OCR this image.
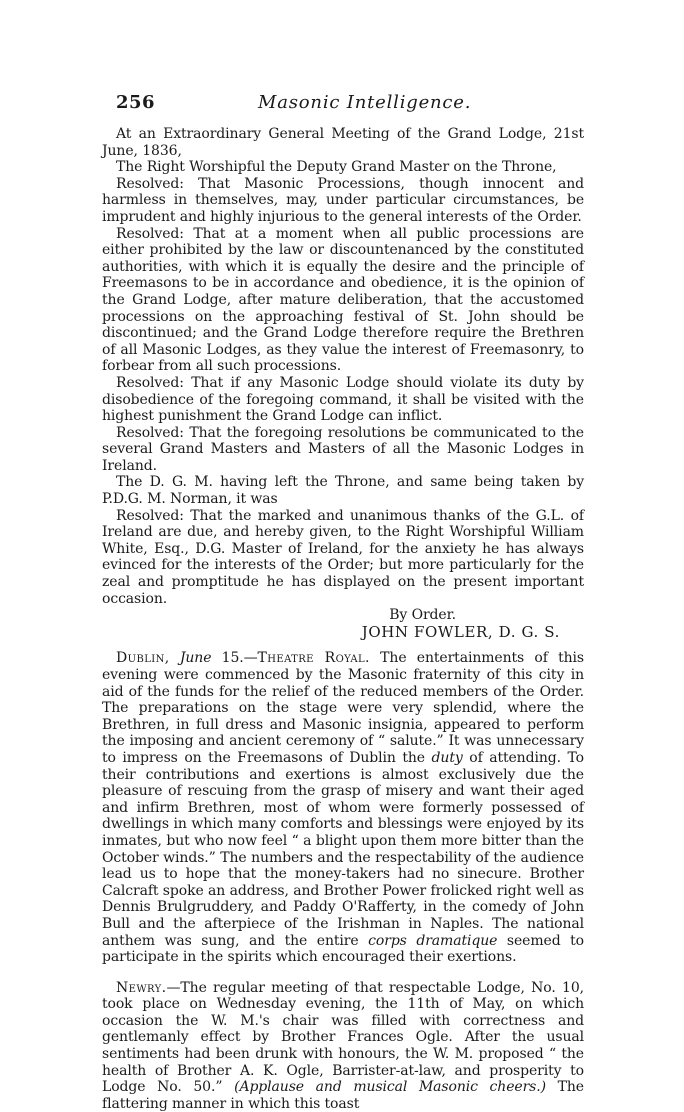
256	Masonic Intelligence.

At an Extraordinary General Meeting of the Grand Lodge, 21st June, 1836,

The Right Worshipful the Deputy Grand Master on the Throne,

Resolved: That Masonic Processions, though innocent and harmless in themselves, may, under particular circumstances, be imprudent and highly injurious to the general interests of the Order.

Resolved: That at a moment when all public processions are either prohibited by the law or discountenanced by the constituted authorities, with which it is equally the desire and the principle of Freemasons to be in accordance and obedience, it is the opinion of the Grand Lodge, after mature deliberation, that the accustomed processions on the approaching festival of St. John should be discontinued; and the Grand Lodge therefore require the Brethren of all Masonic Lodges, as they value the interest of Freemasonry, to forbear from all such processions.

Resolved: That if any Masonic Lodge should violate its duty by disobedience of the foregoing command, it shall be visited with the highest punishment the Grand Lodge can inflict.

Resolved: That the foregoing resolutions be communicated to the several Grand Masters and Masters of all the Masonic Lodges in Ireland.

The D. G. M. having left the Throne, and same being taken by P.D.G. M. Norman, it was

Resolved: That the marked and unanimous thanks of the G.L. of Ireland are due, and hereby given, to the Right Worshipful William White, Esq., D.G. Master of Ireland, for the anxiety he has always evinced for the interests of the Order; but more particularly for the zeal and promptitude he has displayed on the present important occasion.

By Order.

JOHN FOWLER, D. G. S.

Dublin, June 15.—Theatre Royal. The entertainments of this evening were commenced by the Masonic fraternity of this city in aid of the funds for the relief of the reduced members of the Order. The preparations on the stage were very splendid, where the Brethren, in full dress and Masonic insignia, appeared to perform the imposing and ancient ceremony of “ salute.” It was unnecessary to impress on the Freemasons of Dublin the duty of attending. To their contributions and exertions is almost exclusively due the pleasure of rescuing from the grasp of misery and want their aged and infirm Brethren, most of whom were formerly possessed of dwellings in which many comforts and blessings were enjoyed by its inmates, but who now feel “ a blight upon them more bitter than the October winds.” The numbers and the respectability of the audience lead us to hope that the money-takers had no sinecure. Brother Calcraft spoke an address, and Brother Power frolicked right well as Dennis Brulgruddery, and Paddy O'Rafferty, in the comedy of John Bull and the afterpiece of the Irishman in Naples. The national anthem was sung, and the entire corps dramatique seemed to participate in the spirits which encouraged their exertions.

Newry.—The regular meeting of that respectable Lodge, No. 10, took place on Wednesday evening, the 11th of May, on which occasion the W. M.'s chair was filled with correctness and gentlemanly effect by Brother Frances Ogle. After the usual sentiments had been drunk with honours, the W. M. proposed “ the health of Brother A. K. Ogle, Barrister-at-law, and prosperity to Lodge No. 50.” (Applause and musical Masonic cheers.) The flattering manner in which this toast
